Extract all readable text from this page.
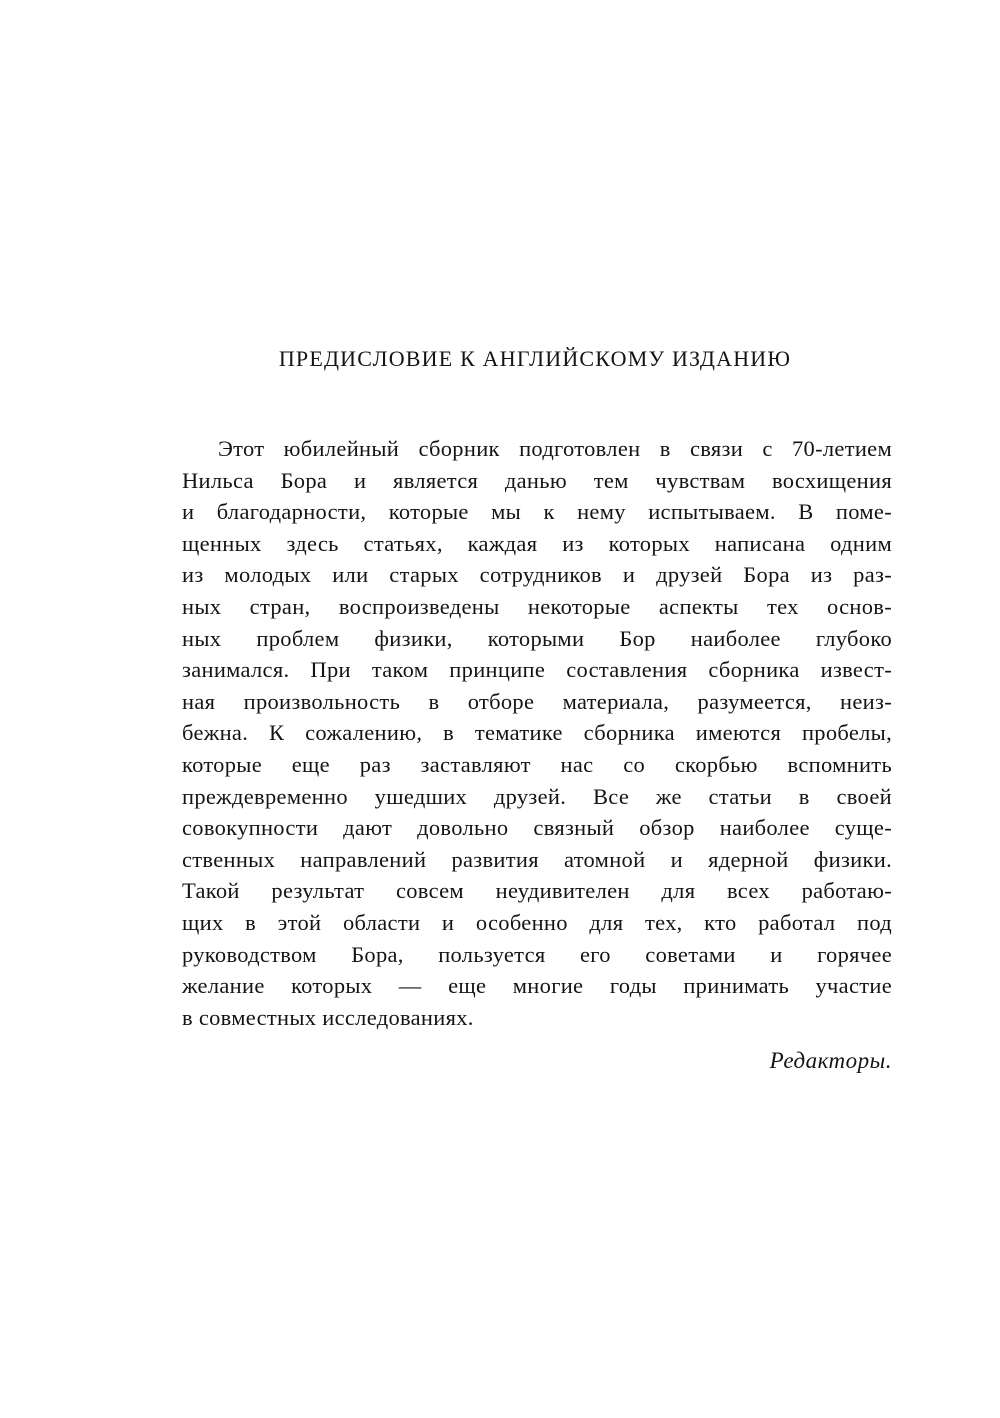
ПРЕДИСЛОВИЕ К АНГЛИЙСКОМУ ИЗДАНИЮ
Этот юбилейный сборник подготовлен в связи с 70-летием
Нильса Бора и является данью тем чувствам восхищения
и благодарности, которые мы к нему испытываем. В поме-
щенных здесь статьях, каждая из которых написана одним
из молодых или старых сотрудников и друзей Бора из раз-
ных стран, воспроизведены некоторые аспекты тех основ-
ных проблем физики, которыми Бор наиболее глубоко
занимался. При таком принципе составления сборника извест-
ная произвольность в отборе материала, разумеется, неиз-
бежна. К сожалению, в тематике сборника имеются пробелы,
которые еще раз заставляют нас со скорбью вспомнить
преждевременно ушедших друзей. Все же статьи в своей
совокупности дают довольно связный обзор наиболее суще-
ственных направлений развития атомной и ядерной физики.
Такой результат совсем неудивителен для всех работаю-
щих в этой области и особенно для тех, кто работал под
руководством Бора, пользуется его советами и горячее
желание которых — еще многие годы принимать участие
в совместных исследованиях.
Редакторы.
